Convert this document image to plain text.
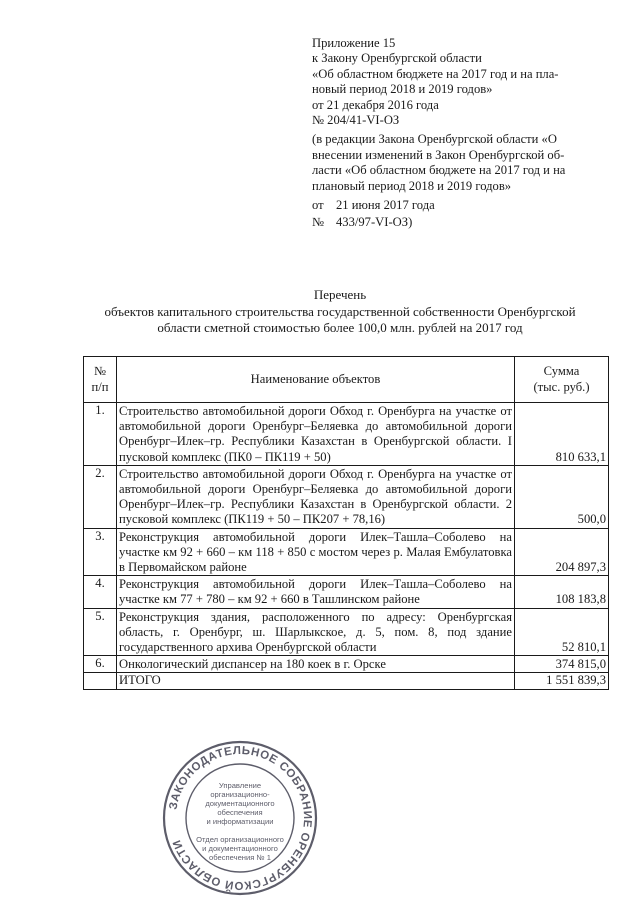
Приложение 15
к Закону Оренбургской области
«Об областном бюджете на 2017 год и на пла-
новый период 2018 и 2019 годов»
от 21 декабря 2016 года
№ 204/41-VI-ОЗ
(в редакции Закона Оренбургской области «О
внесении изменений в Закон Оренбургской об-
ласти «Об областном бюджете на 2017 год и на
плановый период 2018 и 2019 годов»
от 21 июня 2017 года
№ 433/97-VI-ОЗ)
Перечень
объектов капитального строительства государственной собственности Оренбургской
области сметной стоимостью более 100,0 млн. рублей на 2017 год
№
п/п	Наименование объектов	Сумма
(тыс. руб.)
1.	Строительство автомобильной дороги Обход г. Оренбурга на участке от автомобильной дороги Оренбург–Беляевка до автомобильной дороги Оренбург–Илек–гр. Республики Казахстан в Оренбургской области. I пусковой комплекс (ПК0 – ПК119 + 50)	810 633,1
2.	Строительство автомобильной дороги Обход г. Оренбурга на участке от автомобильной дороги Оренбург–Беляевка до автомобильной дороги Оренбург–Илек–гр. Республики Казахстан в Оренбургской области. 2 пусковой комплекс (ПК119 + 50 – ПК207 + 78,16)	500,0
3.	Реконструкция автомобильной дороги Илек–Ташла–Соболево на участке км 92 + 660 – км 118 + 850 с мостом через р. Малая Ембулатовка в Первомайском районе	204 897,3
4.	Реконструкция автомобильной дороги Илек–Ташла–Соболево на участке км 77 + 780 – км 92 + 660 в Ташлинском районе	108 183,8
5.	Реконструкция здания, расположенного по адресу: Оренбургская область, г. Оренбург, ш. Шарлыкское, д. 5, пом. 8, под здание государственного архива Оренбургской области	52 810,1
6.	Онкологический диспансер на 180 коек в г. Орске	374 815,0
	ИТОГО	1 551 839,3
ЗАКОНОДАТЕЛЬНОЕ СОБРАНИЕ ОРЕНБУРГСКОЙ ОБЛАСТИ
Управление
организационно-
документационного
обеспечения
и информатизации
Отдел организационного
и документационного
обеспечения № 1
